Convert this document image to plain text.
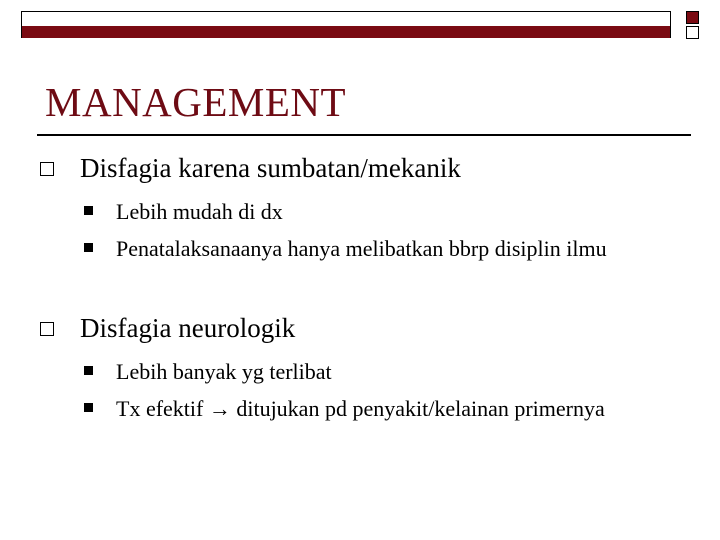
MANAGEMENT
Disfagia karena sumbatan/mekanik
Lebih mudah di dx
Penatalaksanaanya hanya melibatkan bbrp disiplin ilmu
Disfagia neurologik
Lebih banyak yg terlibat
Tx efektif → ditujukan pd penyakit/kelainan primernya
